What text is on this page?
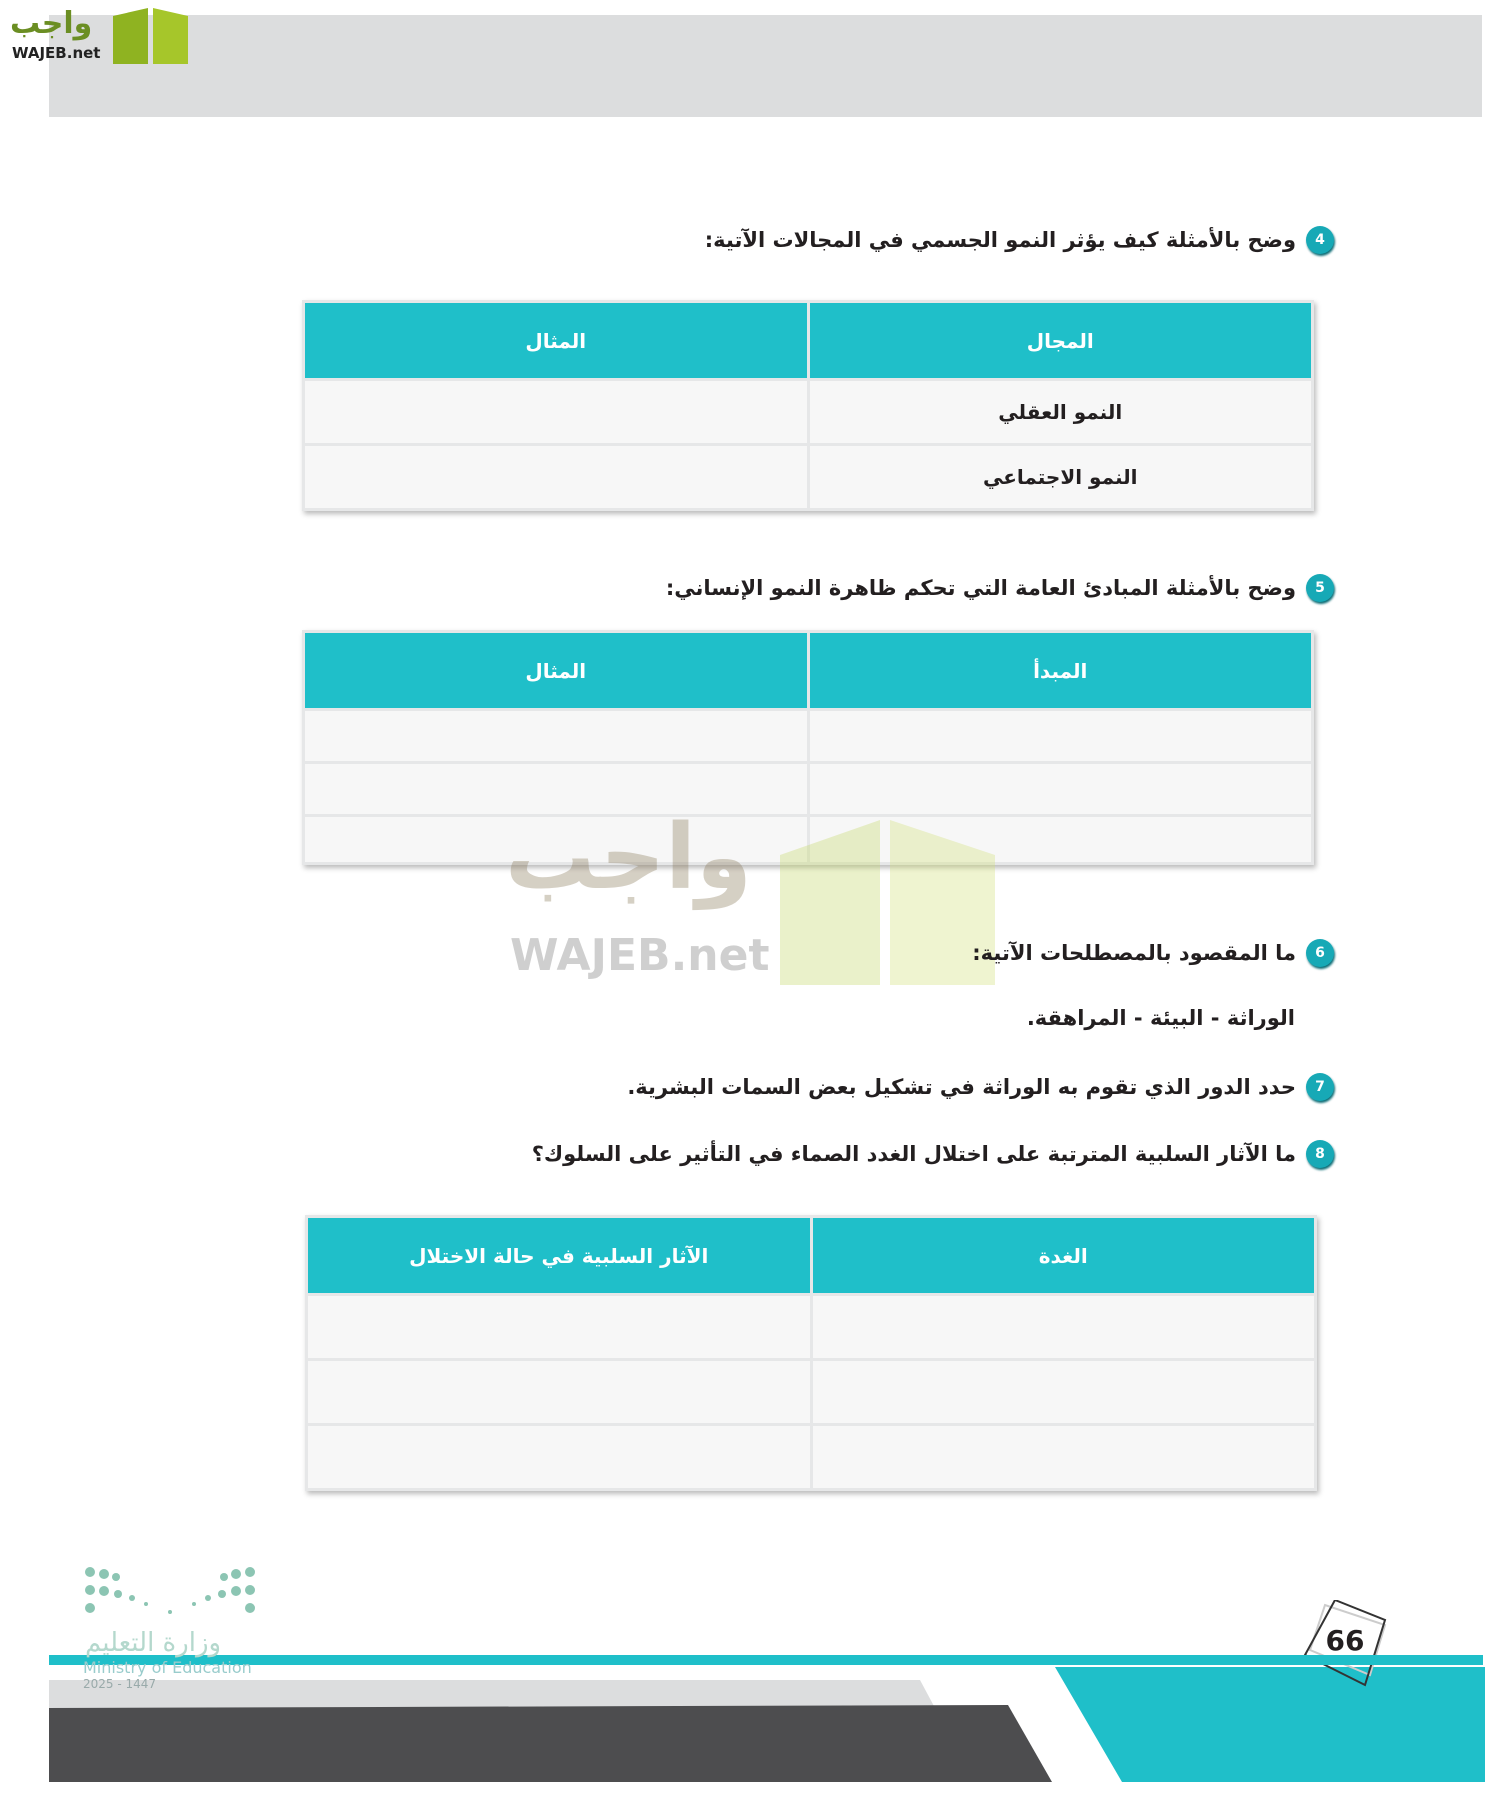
واجب
WAJEB.net
4
وضح بالأمثلة كيف يؤثر النمو الجسمي في المجالات الآتية:
المجال	المثال
النمو العقلي	
النمو الاجتماعي	
5
وضح بالأمثلة المبادئ العامة التي تحكم ظاهرة النمو الإنساني:
المبدأ	المثال

واجب
WAJEB.net	6
ما المقصود بالمصطلحات الآتية:
الوراثة - البيئة - المراهقة.
7
حدد الدور الذي تقوم به الوراثة في تشكيل بعض السمات البشرية.
8
ما الآثار السلبية المترتبة على اختلال الغدد الصماء في التأثير على السلوك؟
الغدة	الآثار السلبية في حالة الاختلال

وزارة التعليم
Ministry of Education
2025 - 1447
66
